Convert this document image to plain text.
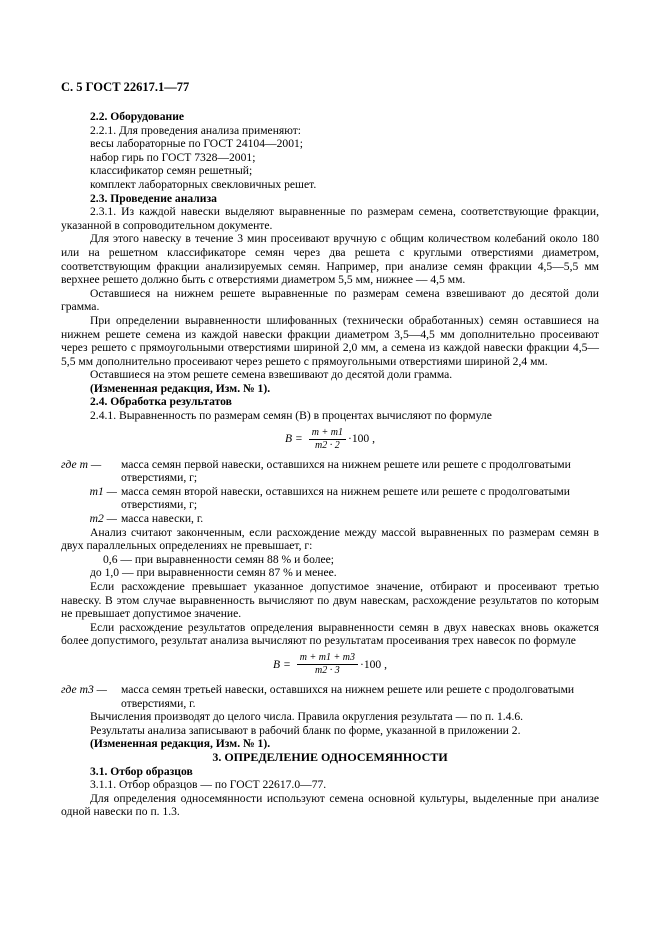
С. 5 ГОСТ 22617.1—77

2.2. Оборудование

2.2.1. Для проведения анализа применяют:

весы лабораторные по ГОСТ 24104—2001;

набор гирь по ГОСТ 7328—2001;

классификатор семян решетный;

комплект лабораторных свекловичных решет.

2.3. Проведение анализа

2.3.1. Из каждой навески выделяют выравненные по размерам семена, соответствующие фракции, указанной в сопроводительном документе.

Для этого навеску в течение 3 мин просеивают вручную с общим количеством колебаний около 180 или на решетном классификаторе семян через два решета с круглыми отверстиями диаметром, соответствующим фракции анализируемых семян. Например, при анализе семян фракции 4,5—5,5 мм верхнее решето должно быть с отверстиями диаметром 5,5 мм, нижнее — 4,5 мм.

Оставшиеся на нижнем решете выравненные по размерам семена взвешивают до десятой доли грамма.

При определении выравненности шлифованных (технически обработанных) семян оставшиеся на нижнем решете семена из каждой навески фракции диаметром 3,5—4,5 мм дополнительно просеивают через решето с прямоугольными отверстиями шириной 2,0 мм, а семена из каждой навески фракции 4,5—5,5 мм дополнительно просеивают через решето с прямоугольными отверстиями шириной 2,4 мм.

Оставшиеся на этом решете семена взвешивают до десятой доли грамма.

(Измененная редакция, Изм. № 1).

2.4. Обработка результатов

2.4.1. Выравненность по размерам семян (B) в процентах вычисляют по формуле

$B = \frac{m + m1}{m2 \cdot 2} \cdot 100$ ,
где m —	масса семян первой навески, оставшихся на нижнем решете или решете с продолговатыми отверстиями, г;
m1 — масса семян второй навески, оставшихся на нижнем решете или решете с продолговатыми отверстиями, г;
m2 — масса навески, г.

Анализ считают законченным, если расхождение между массой выравненных по размерам семян в двух параллельных определениях не превышает, г:

0,6 — при выравненности семян 88 % и более;

до 1,0 — при выравненности семян 87 % и менее.

Если расхождение превышает указанное допустимое значение, отбирают и просеивают третью навеску. В этом случае выравненность вычисляют по двум навескам, расхождение результатов по которым не превышает допустимое значение.

Если расхождение результатов определения выравненности семян в двух навесках вновь окажется более допустимого, результат анализа вычисляют по результатам просеивания трех навесок по формуле

$B = \frac{m + m1 + m3}{m2 \cdot 3} \cdot 100$ ,
где m3 —	масса семян третьей навески, оставшихся на нижнем решете или решете с продолговатыми отверстиями, г.

Вычисления производят до целого числа. Правила округления результата — по п. 1.4.6.

Результаты анализа записывают в рабочий бланк по форме, указанной в приложении 2.

(Измененная редакция, Изм. № 1).

3. ОПРЕДЕЛЕНИЕ ОДНОСЕМЯННОСТИ

3.1. Отбор образцов

3.1.1. Отбор образцов — по ГОСТ 22617.0—77.

Для определения односемянности используют семена основной культуры, выделенные при анализе одной навески по п. 1.3.
